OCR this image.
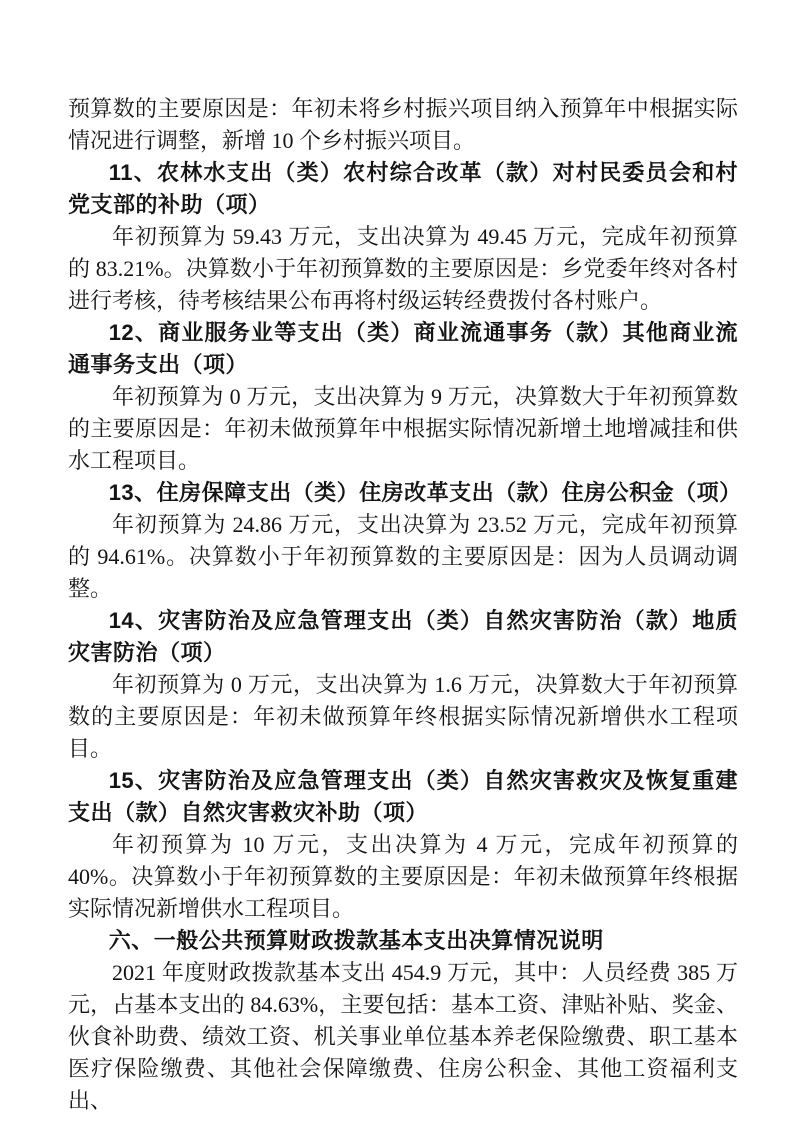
预算数的主要原因是：年初未将乡村振兴项目纳入预算年中根据实际情况进行调整，新增 10 个乡村振兴项目。

11、农林水支出（类）农村综合改革（款）对村民委员会和村党支部的补助（项）

年初预算为 59.43 万元，支出决算为 49.45 万元，完成年初预算的 83.21%。决算数小于年初预算数的主要原因是：乡党委年终对各村进行考核，待考核结果公布再将村级运转经费拨付各村账户。

12、商业服务业等支出（类）商业流通事务（款）其他商业流通事务支出（项）

年初预算为 0 万元，支出决算为 9 万元，决算数大于年初预算数的主要原因是：年初未做预算年中根据实际情况新增土地增减挂和供水工程项目。

13、住房保障支出（类）住房改革支出（款）住房公积金（项）

年初预算为 24.86 万元，支出决算为 23.52 万元，完成年初预算的 94.61%。决算数小于年初预算数的主要原因是：因为人员调动调整。

14、灾害防治及应急管理支出（类）自然灾害防治（款）地质灾害防治（项）

年初预算为 0 万元，支出决算为 1.6 万元，决算数大于年初预算数的主要原因是：年初未做预算年终根据实际情况新增供水工程项目。

15、灾害防治及应急管理支出（类）自然灾害救灾及恢复重建支出（款）自然灾害救灾补助（项）

年初预算为 10 万元，支出决算为 4 万元，完成年初预算的 40%。决算数小于年初预算数的主要原因是：年初未做预算年终根据实际情况新增供水工程项目。

六、一般公共预算财政拨款基本支出决算情况说明

2021 年度财政拨款基本支出 454.9 万元，其中：人员经费 385 万元，占基本支出的 84.63%，主要包括：基本工资、津贴补贴、奖金、伙食补助费、绩效工资、机关事业单位基本养老保险缴费、职工基本医疗保险缴费、其他社会保障缴费、住房公积金、其他工资福利支出、
